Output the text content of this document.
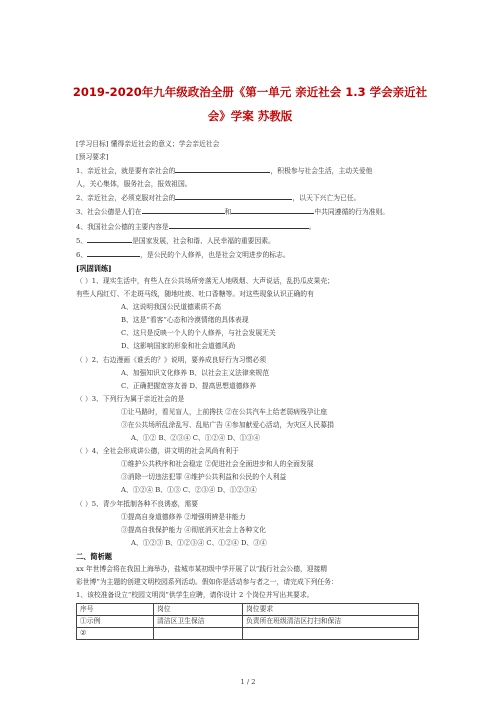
2019-2020年九年级政治全册《第一单元 亲近社会 1.3 学会亲近社
会》学案 苏教版
[学习目标] 懂得亲近社会的意义；学会亲近社会
[预习要求]
1、亲近社会，就是要有亲社会的	，积极参与社会生活，主动关爱他
人，关心集体，服务社会，报效祖国。
2、亲近社会，必须克服对社会的	，以天下兴亡为已任。
3、社会公德是人们在	和	中共同遵循的行为准则。
4、我国社会公德的主要内容是	。
5、	是国家发展，社会和谐、人民幸福的重要因素。
6、	，是公民的个人修养，也是社会文明进步的标志。
[巩固训练]
（ ）1、现实生活中，有些人在公共场所旁落无人地吸烟、大声说话，乱扔瓜皮果壳；
有些人闯红灯、不走斑马线，随地吐痰、吐口香糖等。对这些现象认识正确的有
A、这说明我国公民道德素质不高
B、这是“看客”心态和冷漠情绪的具体表现
C、这只是反映一个人的个人修养，与社会发展无关
D、这影响国家的形象和社会道德风尚
（ ）2、右边漫画《谁丢的？》说明，要养成良好行为习惯必须
A、加强知识文化修养 B、以社会主义法律来规范
C、正确把握宽容友善 D、提高思想道德修养
（ ）3、下列行为属于亲近社会的是
①让马路时，看见盲人，上前搀扶 ②在公共汽车上给老弱病残孕让座
③在公共场所乱涂乱写、乱贴广告 ④参加献爱心活动，为灾区人民募捐
A、①② B、②③④ C、①②④ D、①③④
（ ）4、全社会形成讲公德，讲文明的社会风尚有利于
①维护公共秩序和社会稳定 ②促进社会全面进步和人的全面发展
③消除一切违法犯罪 ④维护公共利益和公民的个人利益
A、①②④ B、①③ C、②③④ D、①②③④
（ ）5、青少年抵制各种不良诱惑，需要
①提高自身道德修养 ②增强明辨是非能力
③提高自我保护能力 ④彻底消灭社会上各种文化
A、①②③ B、①②③④ C、①②④ D、③④
二、简析题
xx 年世博会将在我国上海举办，盐城市某初级中学开展了以“践行社会公德，迎接精
彩世博”为主题的创建文明校园系列活动。假如你是活动参与者之一，请完成下列任务：
1、该校准备设立“校园文明岗”供学生应聘，请你设计 2 个岗位并写出其要求。
序号	岗位	岗位要求
①示例	清洁区卫生保洁	负责所在班级清洁区打扫和保洁
②		
1 / 2
